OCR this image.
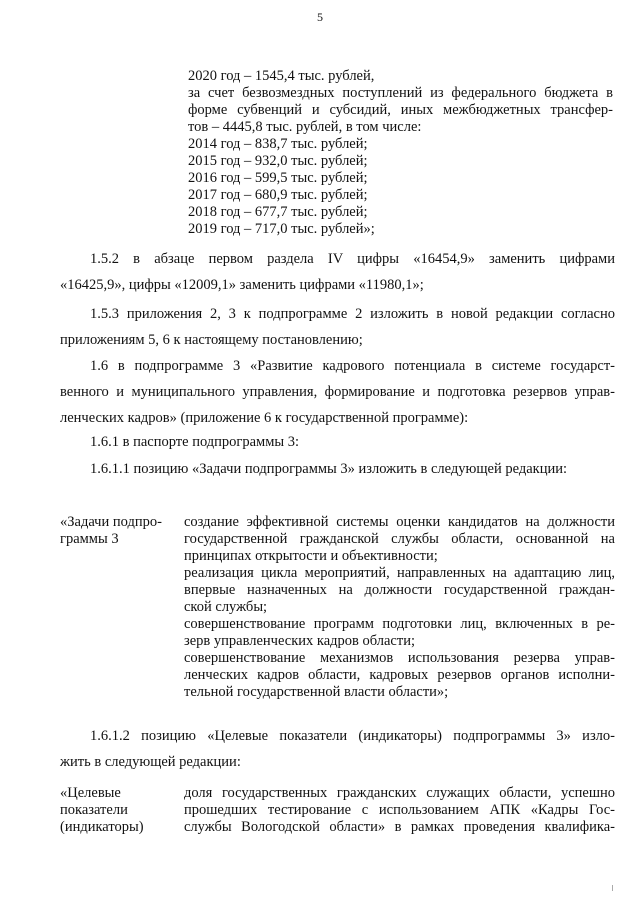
5
2020 год – 1545,4 тыс. рублей,
за счет безвозмездных поступлений из федерального бюджета в
форме субвенций и субсидий, иных межбюджетных трансфер-
тов – 4445,8 тыс. рублей, в том числе:
2014 год – 838,7 тыс. рублей;
2015 год – 932,0 тыс. рублей;
2016 год – 599,5 тыс. рублей;
2017 год – 680,9 тыс. рублей;
2018 год – 677,7 тыс. рублей;
2019 год – 717,0 тыс. рублей»;
1.5.2 в абзаце первом раздела IV цифры «16454,9» заменить цифрами
«16425,9», цифры «12009,1» заменить цифрами «11980,1»;
1.5.3 приложения 2, 3 к подпрограмме 2 изложить в новой редакции согласно
приложениям 5, 6 к настоящему постановлению;
1.6 в подпрограмме 3 «Развитие кадрового потенциала в системе государст-
венного и муниципального управления, формирование и подготовка резервов управ-
ленческих кадров» (приложение 6 к государственной программе):
1.6.1 в паспорте подпрограммы 3:
1.6.1.1 позицию «Задачи подпрограммы 3» изложить в следующей редакции:
«Задачи подпро-
граммы 3
создание эффективной системы оценки кандидатов на должности
государственной гражданской службы области, основанной на
принципах открытости и объективности;
реализация цикла мероприятий, направленных на адаптацию лиц,
впервые назначенных на должности государственной граждан-
ской службы;
совершенствование программ подготовки лиц, включенных в ре-
зерв управленческих кадров области;
совершенствование механизмов использования резерва управ-
ленческих кадров области, кадровых резервов органов исполни-
тельной государственной власти области»;
1.6.1.2 позицию «Целевые показатели (индикаторы) подпрограммы 3» изло-
жить в следующей редакции:
«Целевые
показатели
(индикаторы)
доля государственных гражданских служащих области, успешно
прошедших тестирование с использованием АПК «Кадры Гос-
службы Вологодской области» в рамках проведения квалифика-
